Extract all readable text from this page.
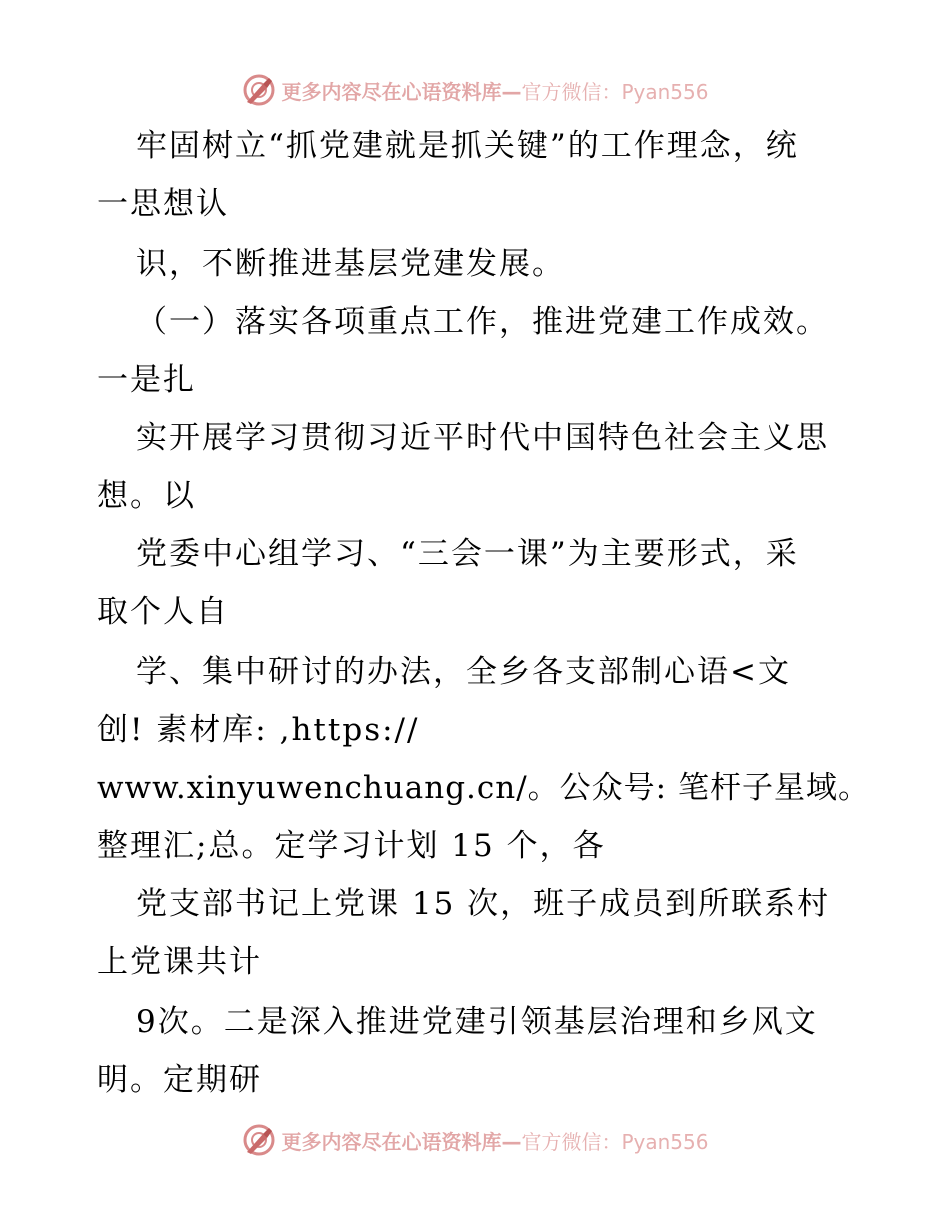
更多内容尽在心语资料库—官方微信：Pyan556
牢固树立“抓党建就是抓关键”的工作理念，统
一思想认
识，不断推进基层党建发展。
（一）落实各项重点工作，推进党建工作成效。
一是扎
实开展学习贯彻习近平时代中国特色社会主义思
想。以
党委中心组学习、“三会一课”为主要形式，采
取个人自
学、集中研讨的办法，全乡各支部制心语<文
创! 素材库: ,https://
www.xinyuwenchuang.cn/。公众号: 笔杆子星域。
整理汇;总。定学习计划 15 个，各
党支部书记上党课 15 次，班子成员到所联系村
上党课共计
9次。二是深入推进党建引领基层治理和乡风文
明。定期研
更多内容尽在心语资料库—官方微信：Pyan556
